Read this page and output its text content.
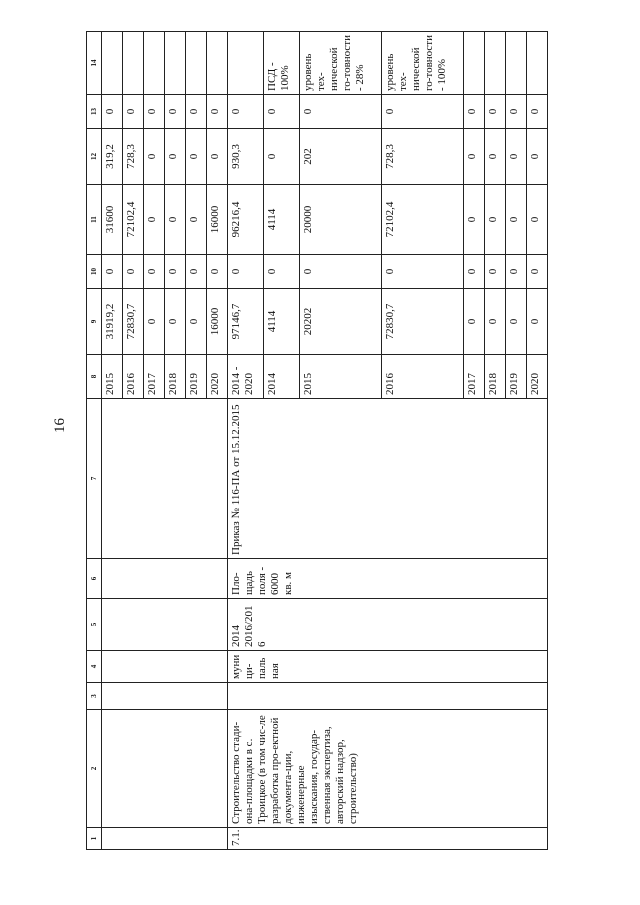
16
1	2	3	4	5	6	7	8	9	10	11	12	13	14
							2015	31919,2	0	31600	319,2	0	
							2016	72830,7	0	72102,4	728,3	0	
							2017	0	0	0	0	0	
							2018	0	0	0	0	0	
							2019	0	0	0	0	0	
							2020	16000	0	16000	0	0	
7.1.	Строительство стади-она-площадки в с. Троицкое (в том чис-ле разработка про-ектной документа-ции, инженерные изыскания, государ-ственная экспертиза, авторский надзор, строительство)		муници-пальная	2014 2016/2016	Пло-щадь поля - 6000 кв. м	Приказ № 116-ПА от 15.12.2015	2014 - 2020	97146,7	0	96216,4	930,3	0	
							2014	4114	0	4114	0	0	ПСД - 100%
							2015	20202	0	20000	202	0	уровень тех-нической го-товности - 28%
							2016	72830,7	0	72102,4	728,3	0	уровень тех-нической го-товности - 100%
							2017	0	0	0	0	0	
							2018	0	0	0	0	0	
							2019	0	0	0	0	0	
							2020	0	0	0	0	0	
